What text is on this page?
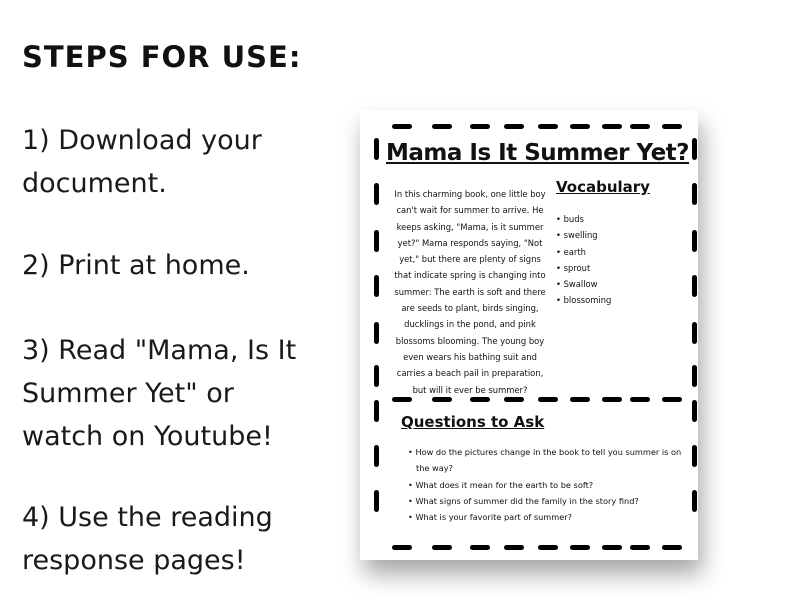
STEPS FOR USE:
1) Download your document.
2) Print at home.
3) Read "Mama, Is It Summer Yet" or watch on Youtube!
4) Use the reading response pages!
Mama Is It Summer Yet?
In this charming book, one little boy can't wait for summer to arrive. He keeps asking, "Mama, is it summer yet?" Mama responds saying, "Not yet," but there are plenty of signs that indicate spring is changing into summer: The earth is soft and there are seeds to plant, birds singing, ducklings in the pond, and pink blossoms blooming. The young boy even wears his bathing suit and carries a beach pail in preparation, but will it ever be summer?
Vocabulary
• buds
• swelling
• earth
• sprout
• Swallow
• blossoming
Questions to Ask
• How do the pictures change in the book to tell you summer is on the way?
• What does it mean for the earth to be soft?
• What signs of summer did the family in the story find?
• What is your favorite part of summer?
